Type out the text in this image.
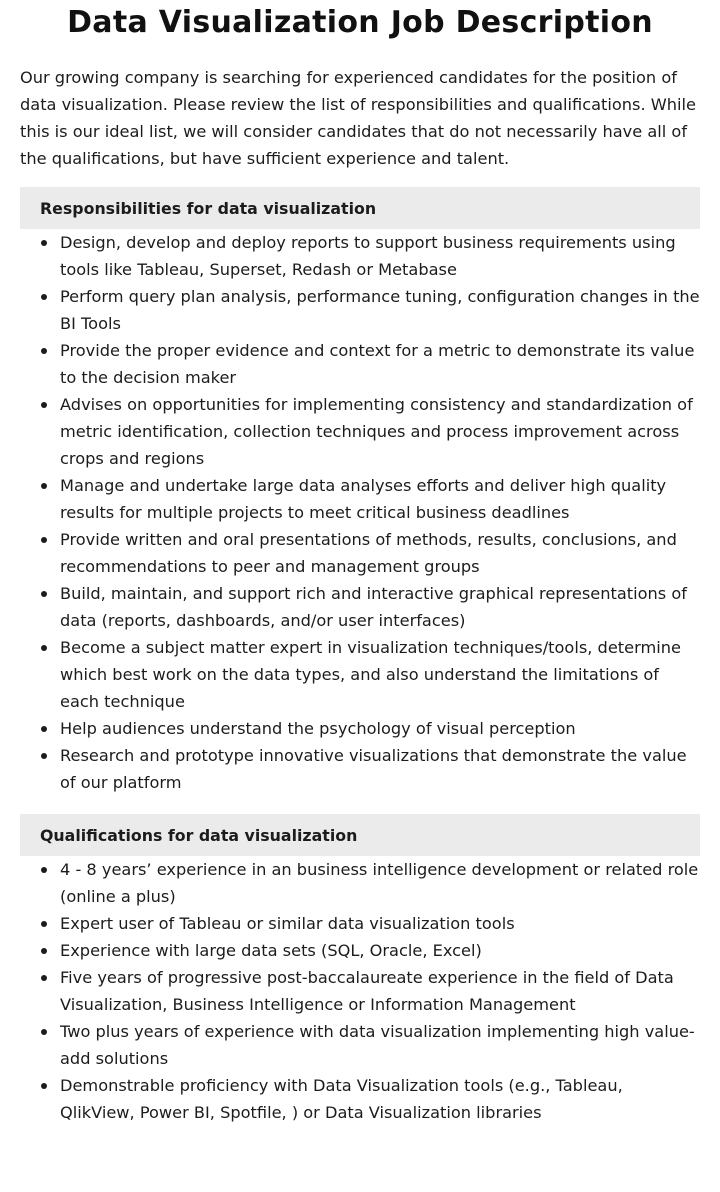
Data Visualization Job Description

Our growing company is searching for experienced candidates for the position of data visualization. Please review the list of responsibilities and qualifications. While this is our ideal list, we will consider candidates that do not necessarily have all of the qualifications, but have sufficient experience and talent.

Responsibilities for data visualization
Design, develop and deploy reports to support business requirements using tools like Tableau, Superset, Redash or Metabase
Perform query plan analysis, performance tuning, configuration changes in the BI Tools
Provide the proper evidence and context for a metric to demonstrate its value to the decision maker
Advises on opportunities for implementing consistency and standardization of metric identification, collection techniques and process improvement across crops and regions
Manage and undertake large data analyses efforts and deliver high quality results for multiple projects to meet critical business deadlines
Provide written and oral presentations of methods, results, conclusions, and recommendations to peer and management groups
Build, maintain, and support rich and interactive graphical representations of data (reports, dashboards, and/or user interfaces)
Become a subject matter expert in visualization techniques/tools, determine which best work on the data types, and also understand the limitations of each technique
Help audiences understand the psychology of visual perception
Research and prototype innovative visualizations that demonstrate the value of our platform
Qualifications for data visualization
4 - 8 years’ experience in an business intelligence development or related role (online a plus)
Expert user of Tableau or similar data visualization tools
Experience with large data sets (SQL, Oracle, Excel)
Five years of progressive post-baccalaureate experience in the field of Data Visualization, Business Intelligence or Information Management
Two plus years of experience with data visualization implementing high value-add solutions
Demonstrable proficiency with Data Visualization tools (e.g., Tableau, QlikView, Power BI, Spotfile, ) or Data Visualization libraries
